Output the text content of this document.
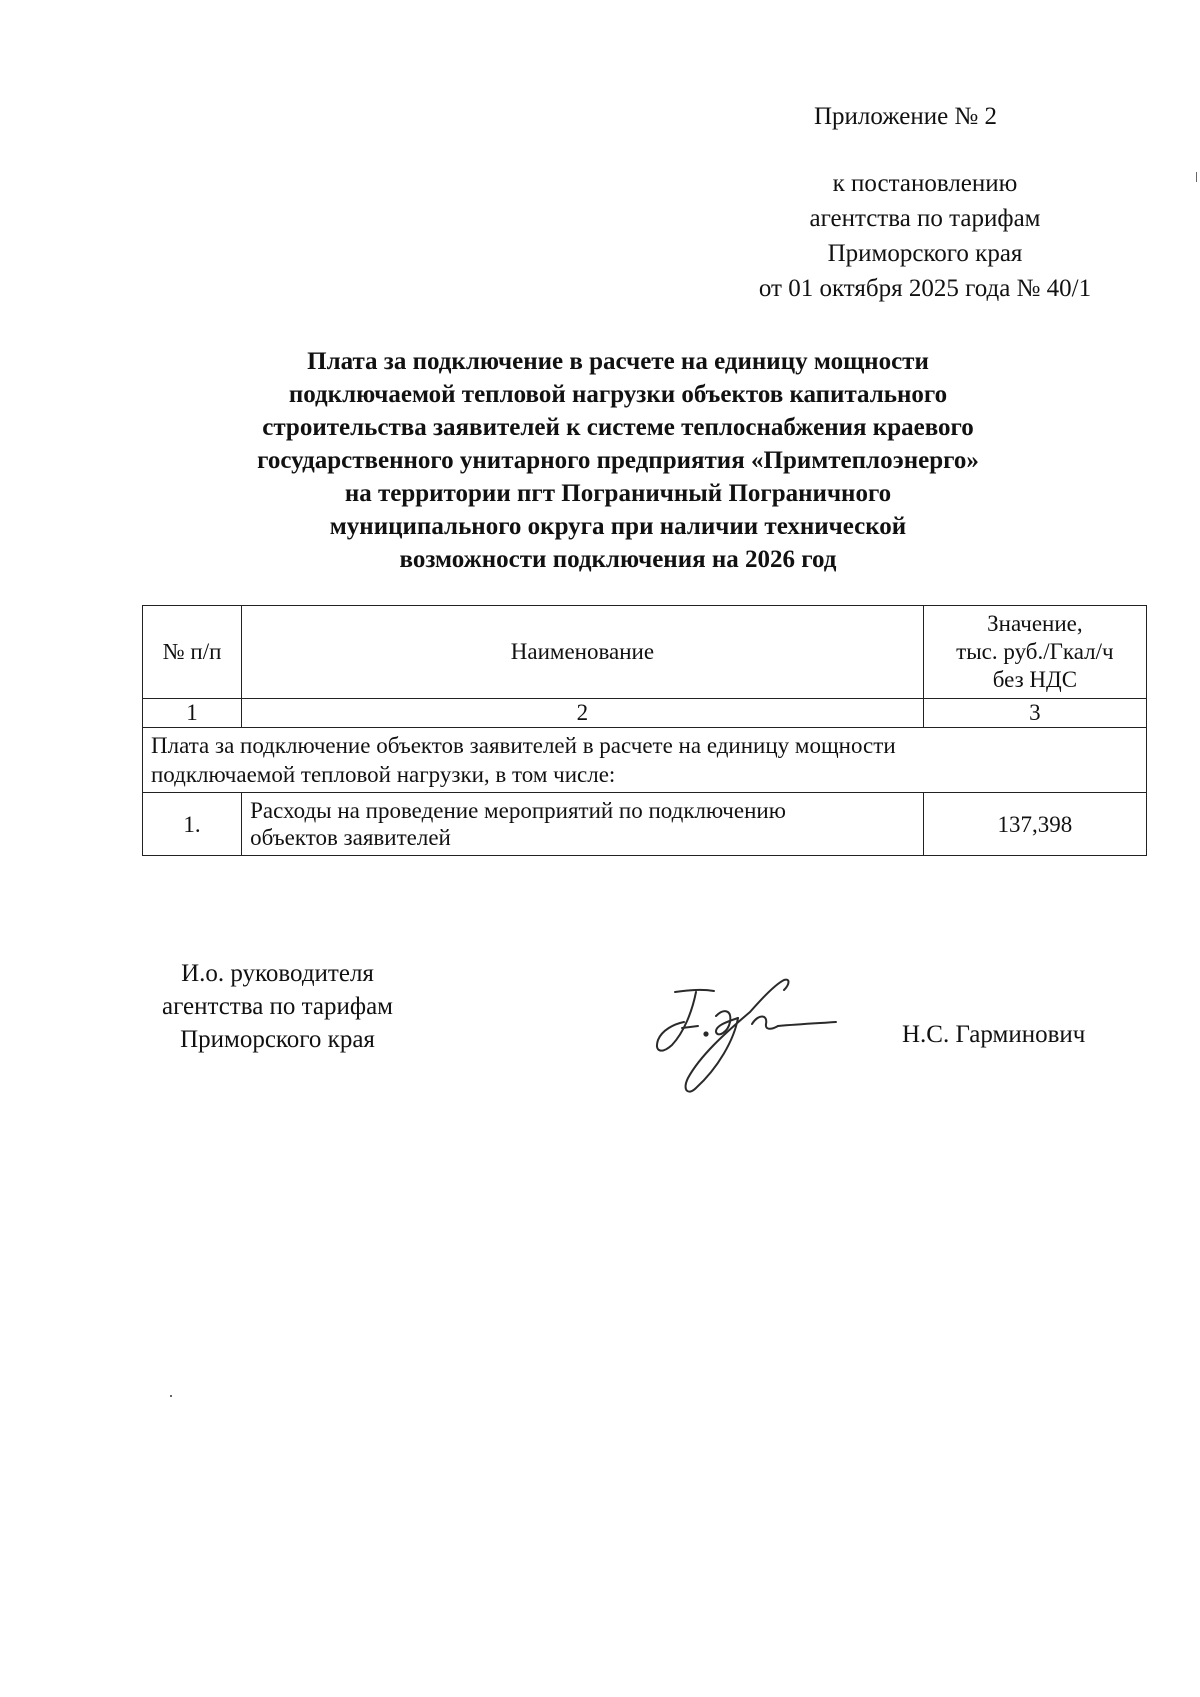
Приложение № 2
к постановлению
агентства по тарифам
Приморского края
от 01 октября 2025 года № 40/1
Плата за подключение в расчете на единицу мощности
подключаемой тепловой нагрузки объектов капитального
строительства заявителей к системе теплоснабжения краевого
государственного унитарного предприятия «Примтеплоэнерго»
на территории пгт Пограничный Пограничного
муниципального округа при наличии технической
возможности подключения на 2026 год
№ п/п	Наименование	Значение,
тыс. руб./Гкал/ч
без НДС

1	2	3

Плата за подключение объектов заявителей в расчете на единицу мощности
подключаемой тепловой нагрузки, в том числе:		

1.	Расходы на проведение мероприятий по подключению
объектов заявителей	137,398
И.о. руководителя
агентства по тарифам
Приморского края	Н.С. Гарминович
